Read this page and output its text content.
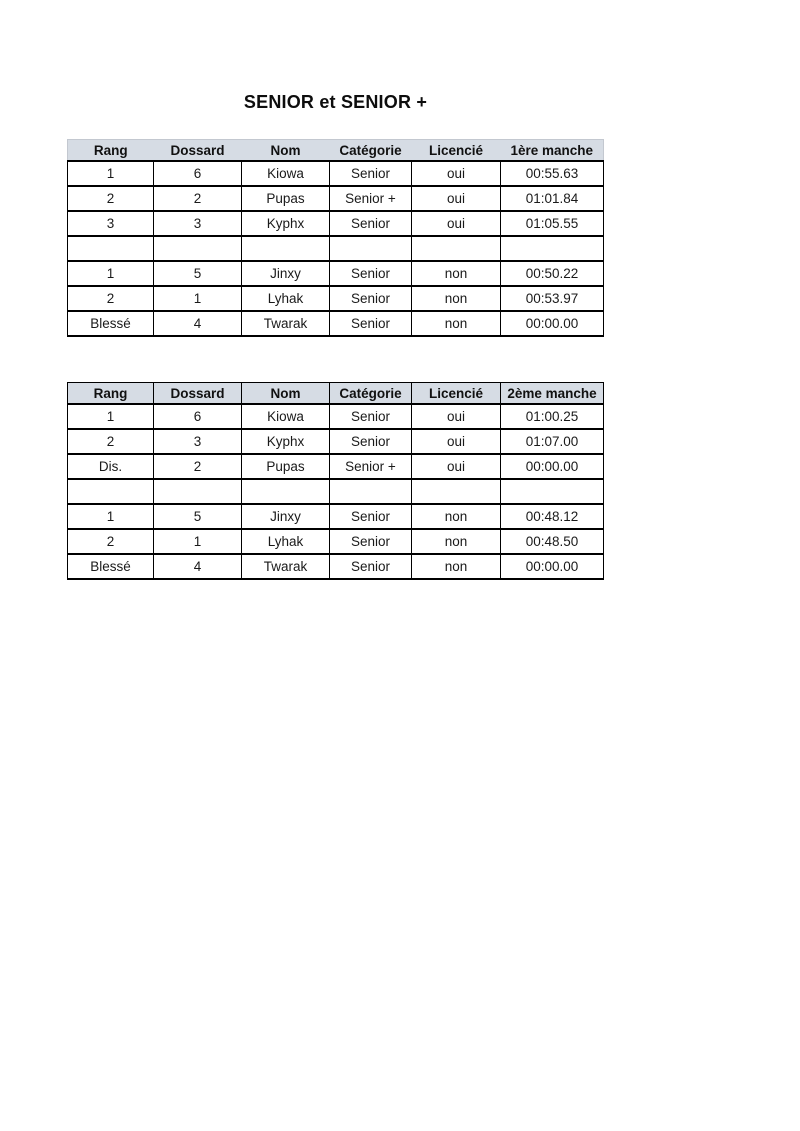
SENIOR et SENIOR +
Rang	Dossard	Nom	Catégorie	Licencié	1ère manche
1	6	Kiowa	Senior	oui	00:55.63
2	2	Pupas	Senior +	oui	01:01.84
3	3	Kyphx	Senior	oui	01:05.55

1	5	Jinxy	Senior	non	00:50.22
2	1	Lyhak	Senior	non	00:53.97
Blessé	4	Twarak	Senior	non	00:00.00
Rang	Dossard	Nom	Catégorie	Licencié	2ème manche
1	6	Kiowa	Senior	oui	01:00.25
2	3	Kyphx	Senior	oui	01:07.00
Dis.	2	Pupas	Senior +	oui	00:00.00

1	5	Jinxy	Senior	non	00:48.12
2	1	Lyhak	Senior	non	00:48.50
Blessé	4	Twarak	Senior	non	00:00.00
